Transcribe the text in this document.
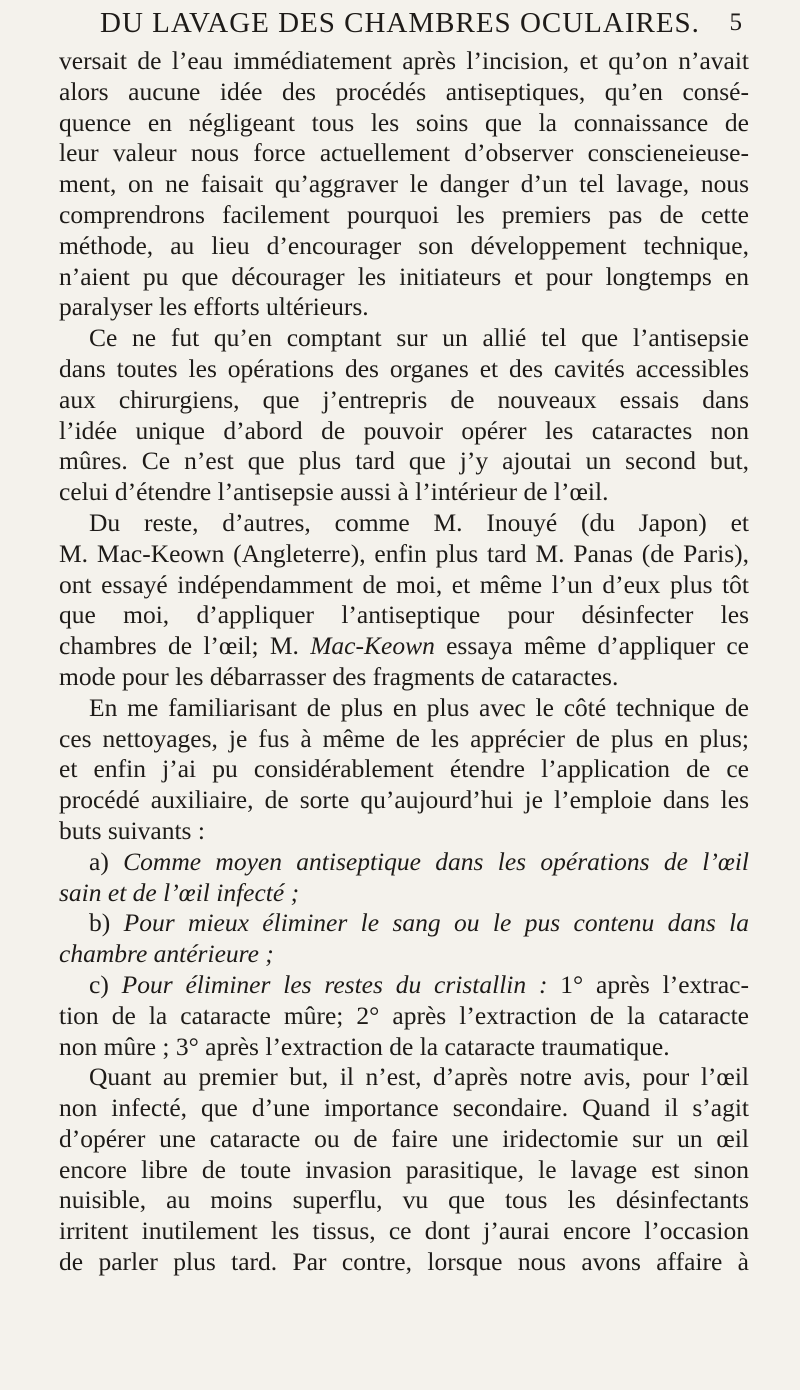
DU LAVAGE DES CHAMBRES OCULAIRES. 5
versait de l’eau immédiatement après l’incision, et qu’on n’avait
alors aucune idée des procédés antiseptiques, qu’en consé-
quence en négligeant tous les soins que la connaissance de
leur valeur nous force actuellement d’observer conscieneieuse-
ment, on ne faisait qu’aggraver le danger d’un tel lavage, nous
comprendrons facilement pourquoi les premiers pas de cette
méthode, au lieu d’encourager son développement technique,
n’aient pu que décourager les initiateurs et pour longtemps en
paralyser les efforts ultérieurs.
Ce ne fut qu’en comptant sur un allié tel que l’antisepsie
dans toutes les opérations des organes et des cavités accessibles
aux chirurgiens, que j’entrepris de nouveaux essais dans
l’idée unique d’abord de pouvoir opérer les cataractes non
mûres. Ce n’est que plus tard que j’y ajoutai un second but,
celui d’étendre l’antisepsie aussi à l’intérieur de l’œil.
Du reste, d’autres, comme M. Inouyé (du Japon) et
M. Mac-Keown (Angleterre), enfin plus tard M. Panas (de Paris),
ont essayé indépendamment de moi, et même l’un d’eux plus tôt
que moi, d’appliquer l’antiseptique pour désinfecter les
chambres de l’œil; M. Mac-Keown essaya même d’appliquer ce
mode pour les débarrasser des fragments de cataractes.
En me familiarisant de plus en plus avec le côté technique de
ces nettoyages, je fus à même de les apprécier de plus en plus;
et enfin j’ai pu considérablement étendre l’application de ce
procédé auxiliaire, de sorte qu’aujourd’hui je l’emploie dans les
buts suivants :
a) Comme moyen antiseptique dans les opérations de l’œil
sain et de l’œil infecté ;
b) Pour mieux éliminer le sang ou le pus contenu dans la
chambre antérieure ;
c) Pour éliminer les restes du cristallin : 1° après l’extrac-
tion de la cataracte mûre; 2° après l’extraction de la cataracte
non mûre ; 3° après l’extraction de la cataracte traumatique.
Quant au premier but, il n’est, d’après notre avis, pour l’œil
non infecté, que d’une importance secondaire. Quand il s’agit
d’opérer une cataracte ou de faire une iridectomie sur un œil
encore libre de toute invasion parasitique, le lavage est sinon
nuisible, au moins superflu, vu que tous les désinfectants
irritent inutilement les tissus, ce dont j’aurai encore l’occasion
de parler plus tard. Par contre, lorsque nous avons affaire à
